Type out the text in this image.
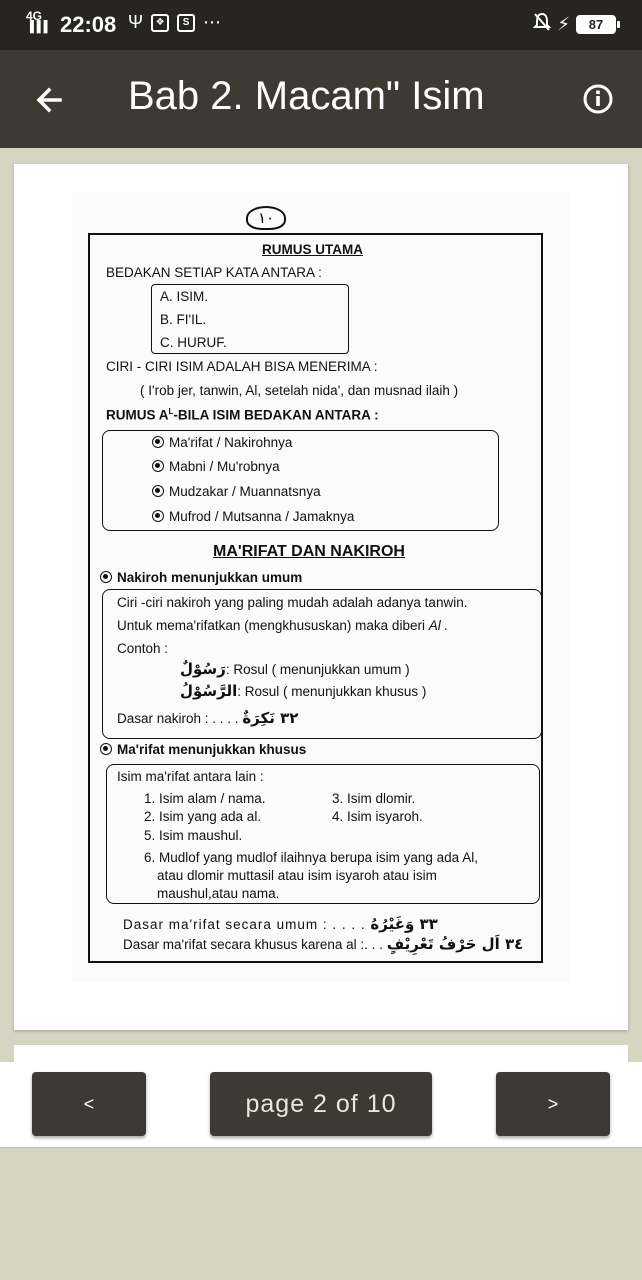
4G
▐▐▐ 22:08 Ψ	❖	S ⋯	⚡	87
Bab 2. Macam" Isim
١٠
RUMUS UTAMA
BEDAKAN SETIAP KATA ANTARA :
A. ISIM.
B. FI'IL.
C. HURUF.
CIRI - CIRI ISIM ADALAH BISA MENERIMA :
( I'rob jer, tanwin, Al, setelah nida', dan musnad ilaih )
RUMUS $A^L$-BILA ISIM BEDAKAN ANTARA :
Ma'rifat / Nakirohnya
Mabni / Mu'robnya
Mudzakar / Muannatsnya
Mufrod / Mutsanna / Jamaknya
MA'RIFAT DAN NAKIROH
Nakiroh menunjukkan umum
Ciri -ciri nakiroh yang paling mudah adalah adanya tanwin.
Untuk mema'rifatkan (mengkhususkan) maka diberi Al .
Contoh :
رَسُوْلٌ: Rosul ( menunjukkan umum )
الرَّسُوْلُ: Rosul ( menunjukkan khusus )
Dasar nakiroh : . . . . ٣٢ نَكِرَةٌ
Ma'rifat menunjukkan khusus
Isim ma'rifat antara lain :
1. Isim alam / nama.	3. Isim dlomir.
2. Isim yang ada al.	4. Isim isyaroh.
5. Isim maushul.
6. Mudlof yang mudlof ilaihnya berupa isim yang ada Al,
atau dlomir muttasil atau isim isyaroh atau isim
maushul,atau nama.
Dasar ma'rifat secara umum : . . . . ٣٣ وَغَيْرُهُ
Dasar ma'rifat secara khusus karena al :. . . ٣٤ اَل حَرْفُ تَعْرِيْفٍ
<	page 2 of 10	>
